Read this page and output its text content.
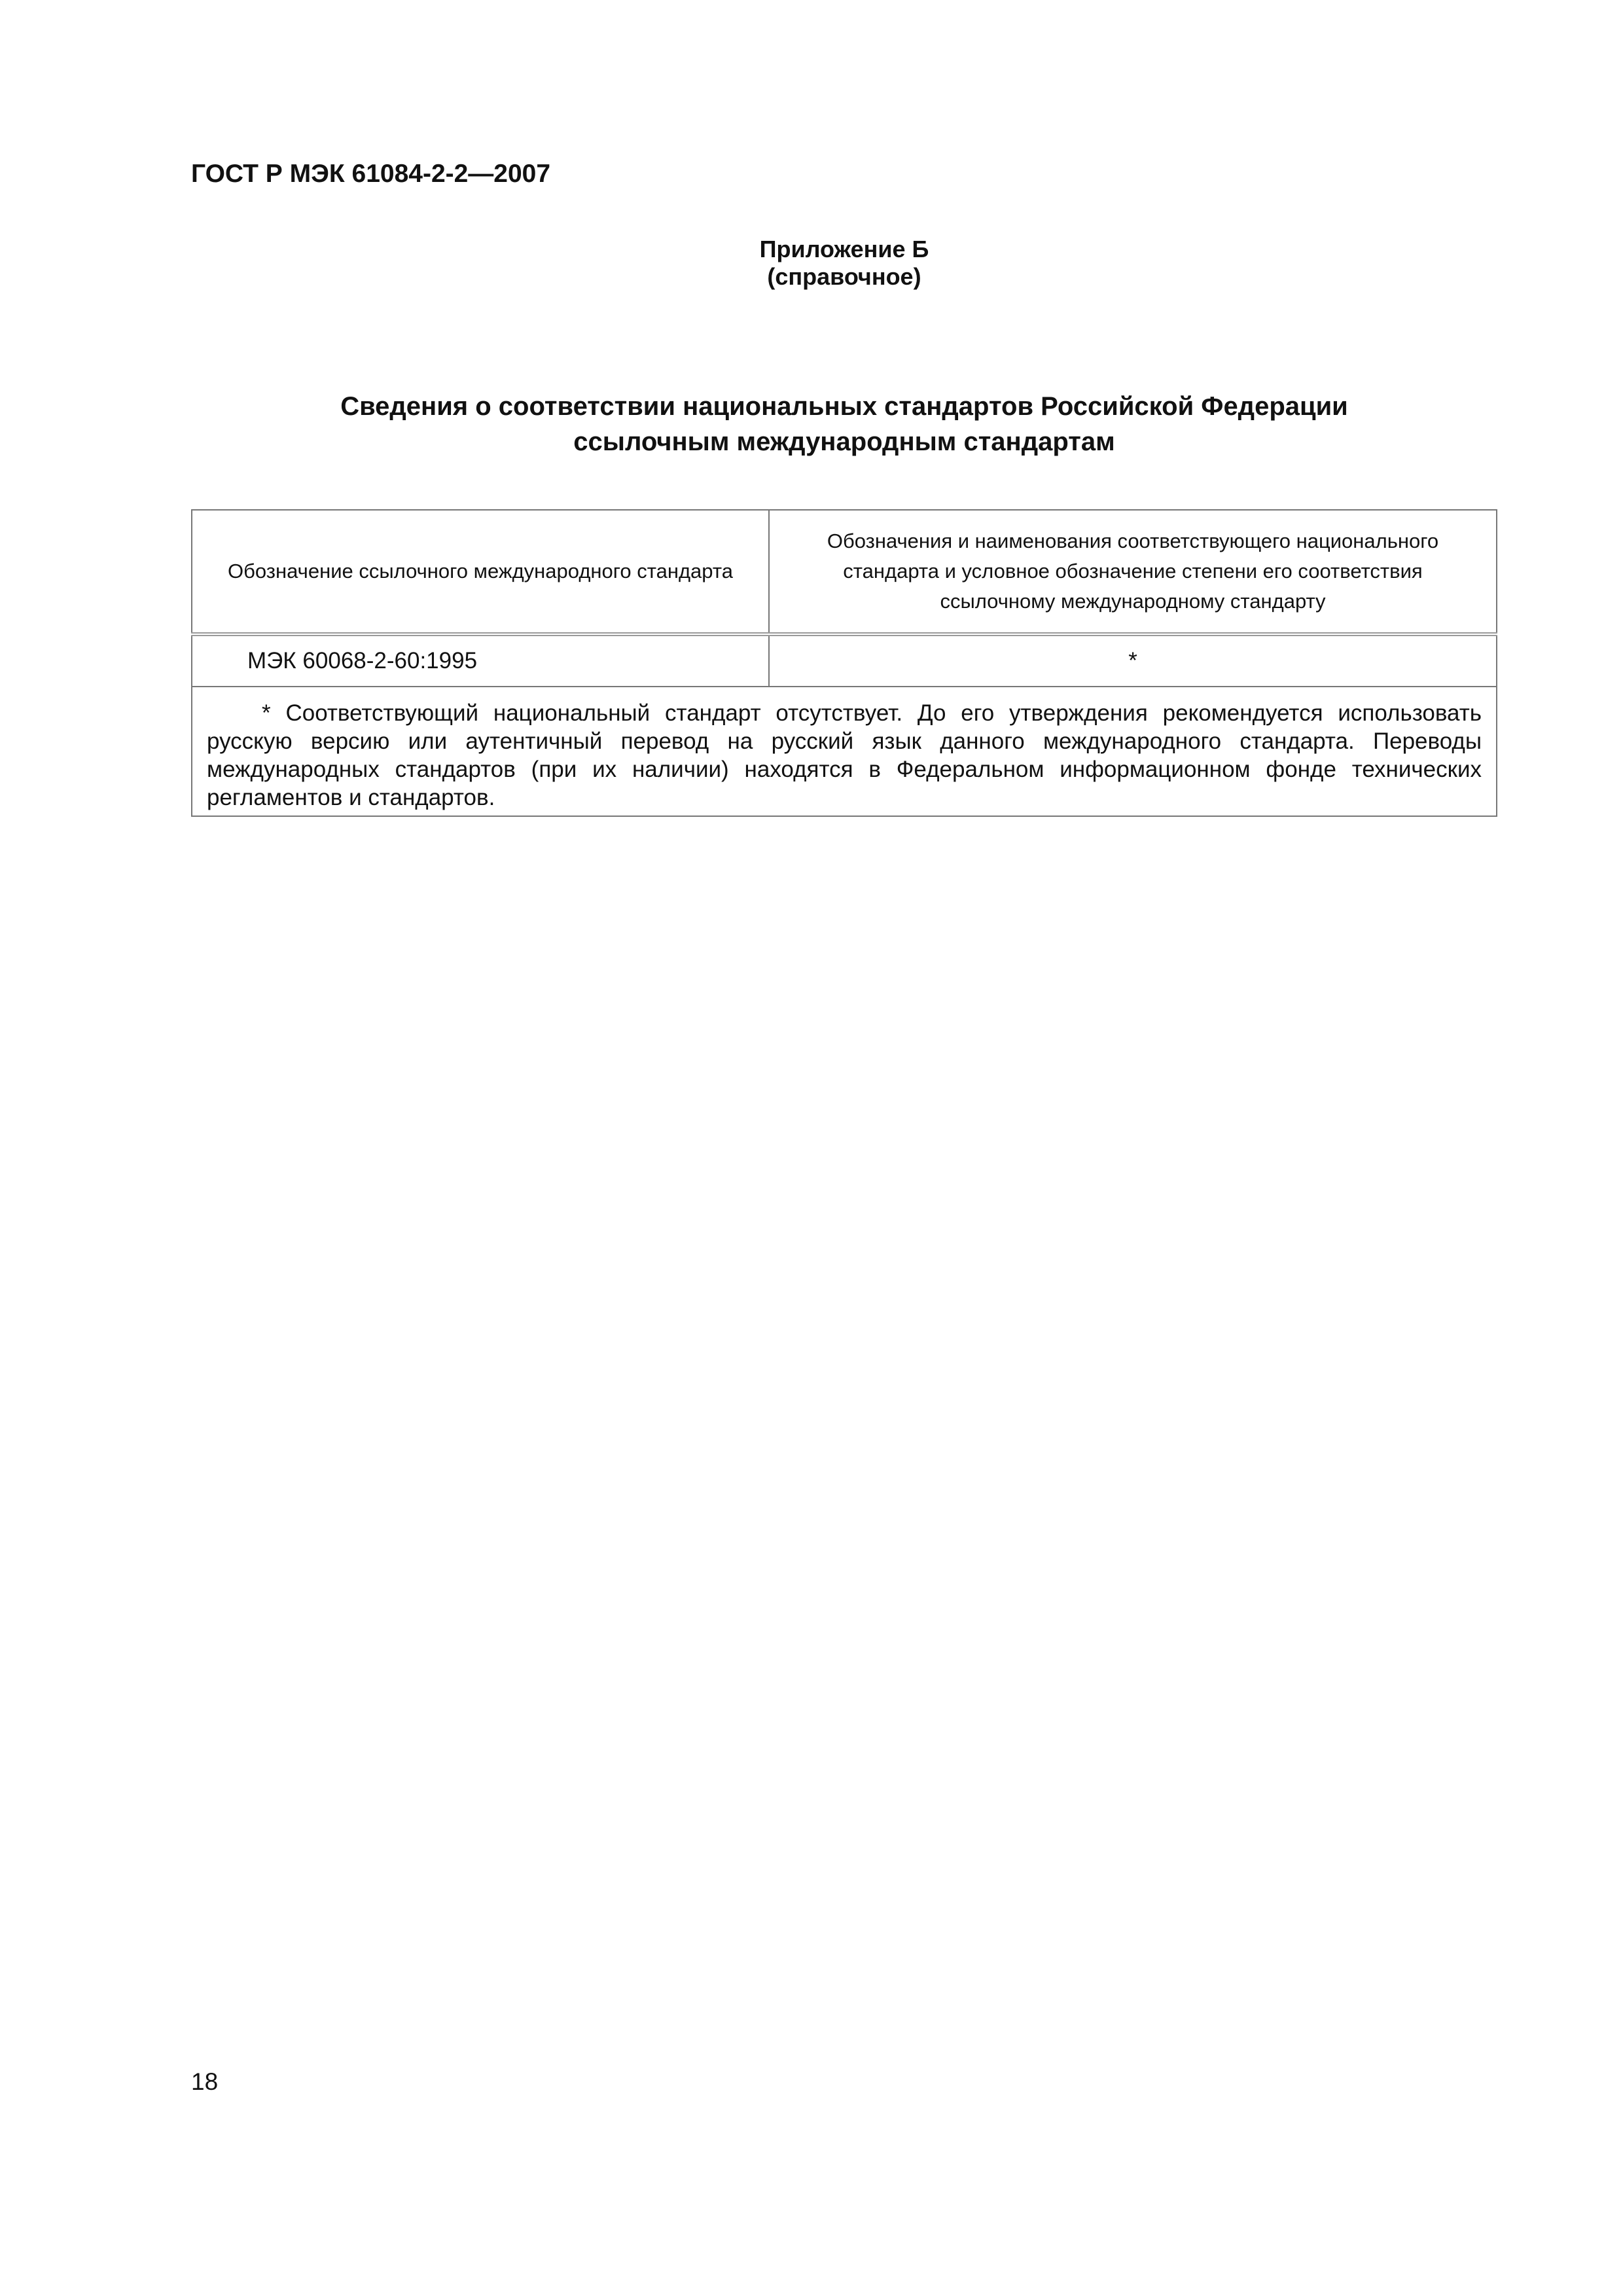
ГОСТ Р МЭК 61084-2-2—2007

Приложение Б

(справочное)

Сведения о соответствии национальных стандартов Российской Федерации
ссылочным международным стандартам
Обозначение ссылочного международного стандарта	Обозначения и наименования соответствующего национального стандарта и условное обозначение степени его соответствия ссылочному международному стандарту
МЭК 60068-2-60:1995	*

* Соответствующий национальный стандарт отсутствует. До его утверждения рекомендуется использовать русскую версию или аутентичный перевод на русский язык данного международного стандарта. Переводы международных стандартов (при их наличии) находятся в Федеральном информационном фонде технических регламентов и стандартов.	

18
